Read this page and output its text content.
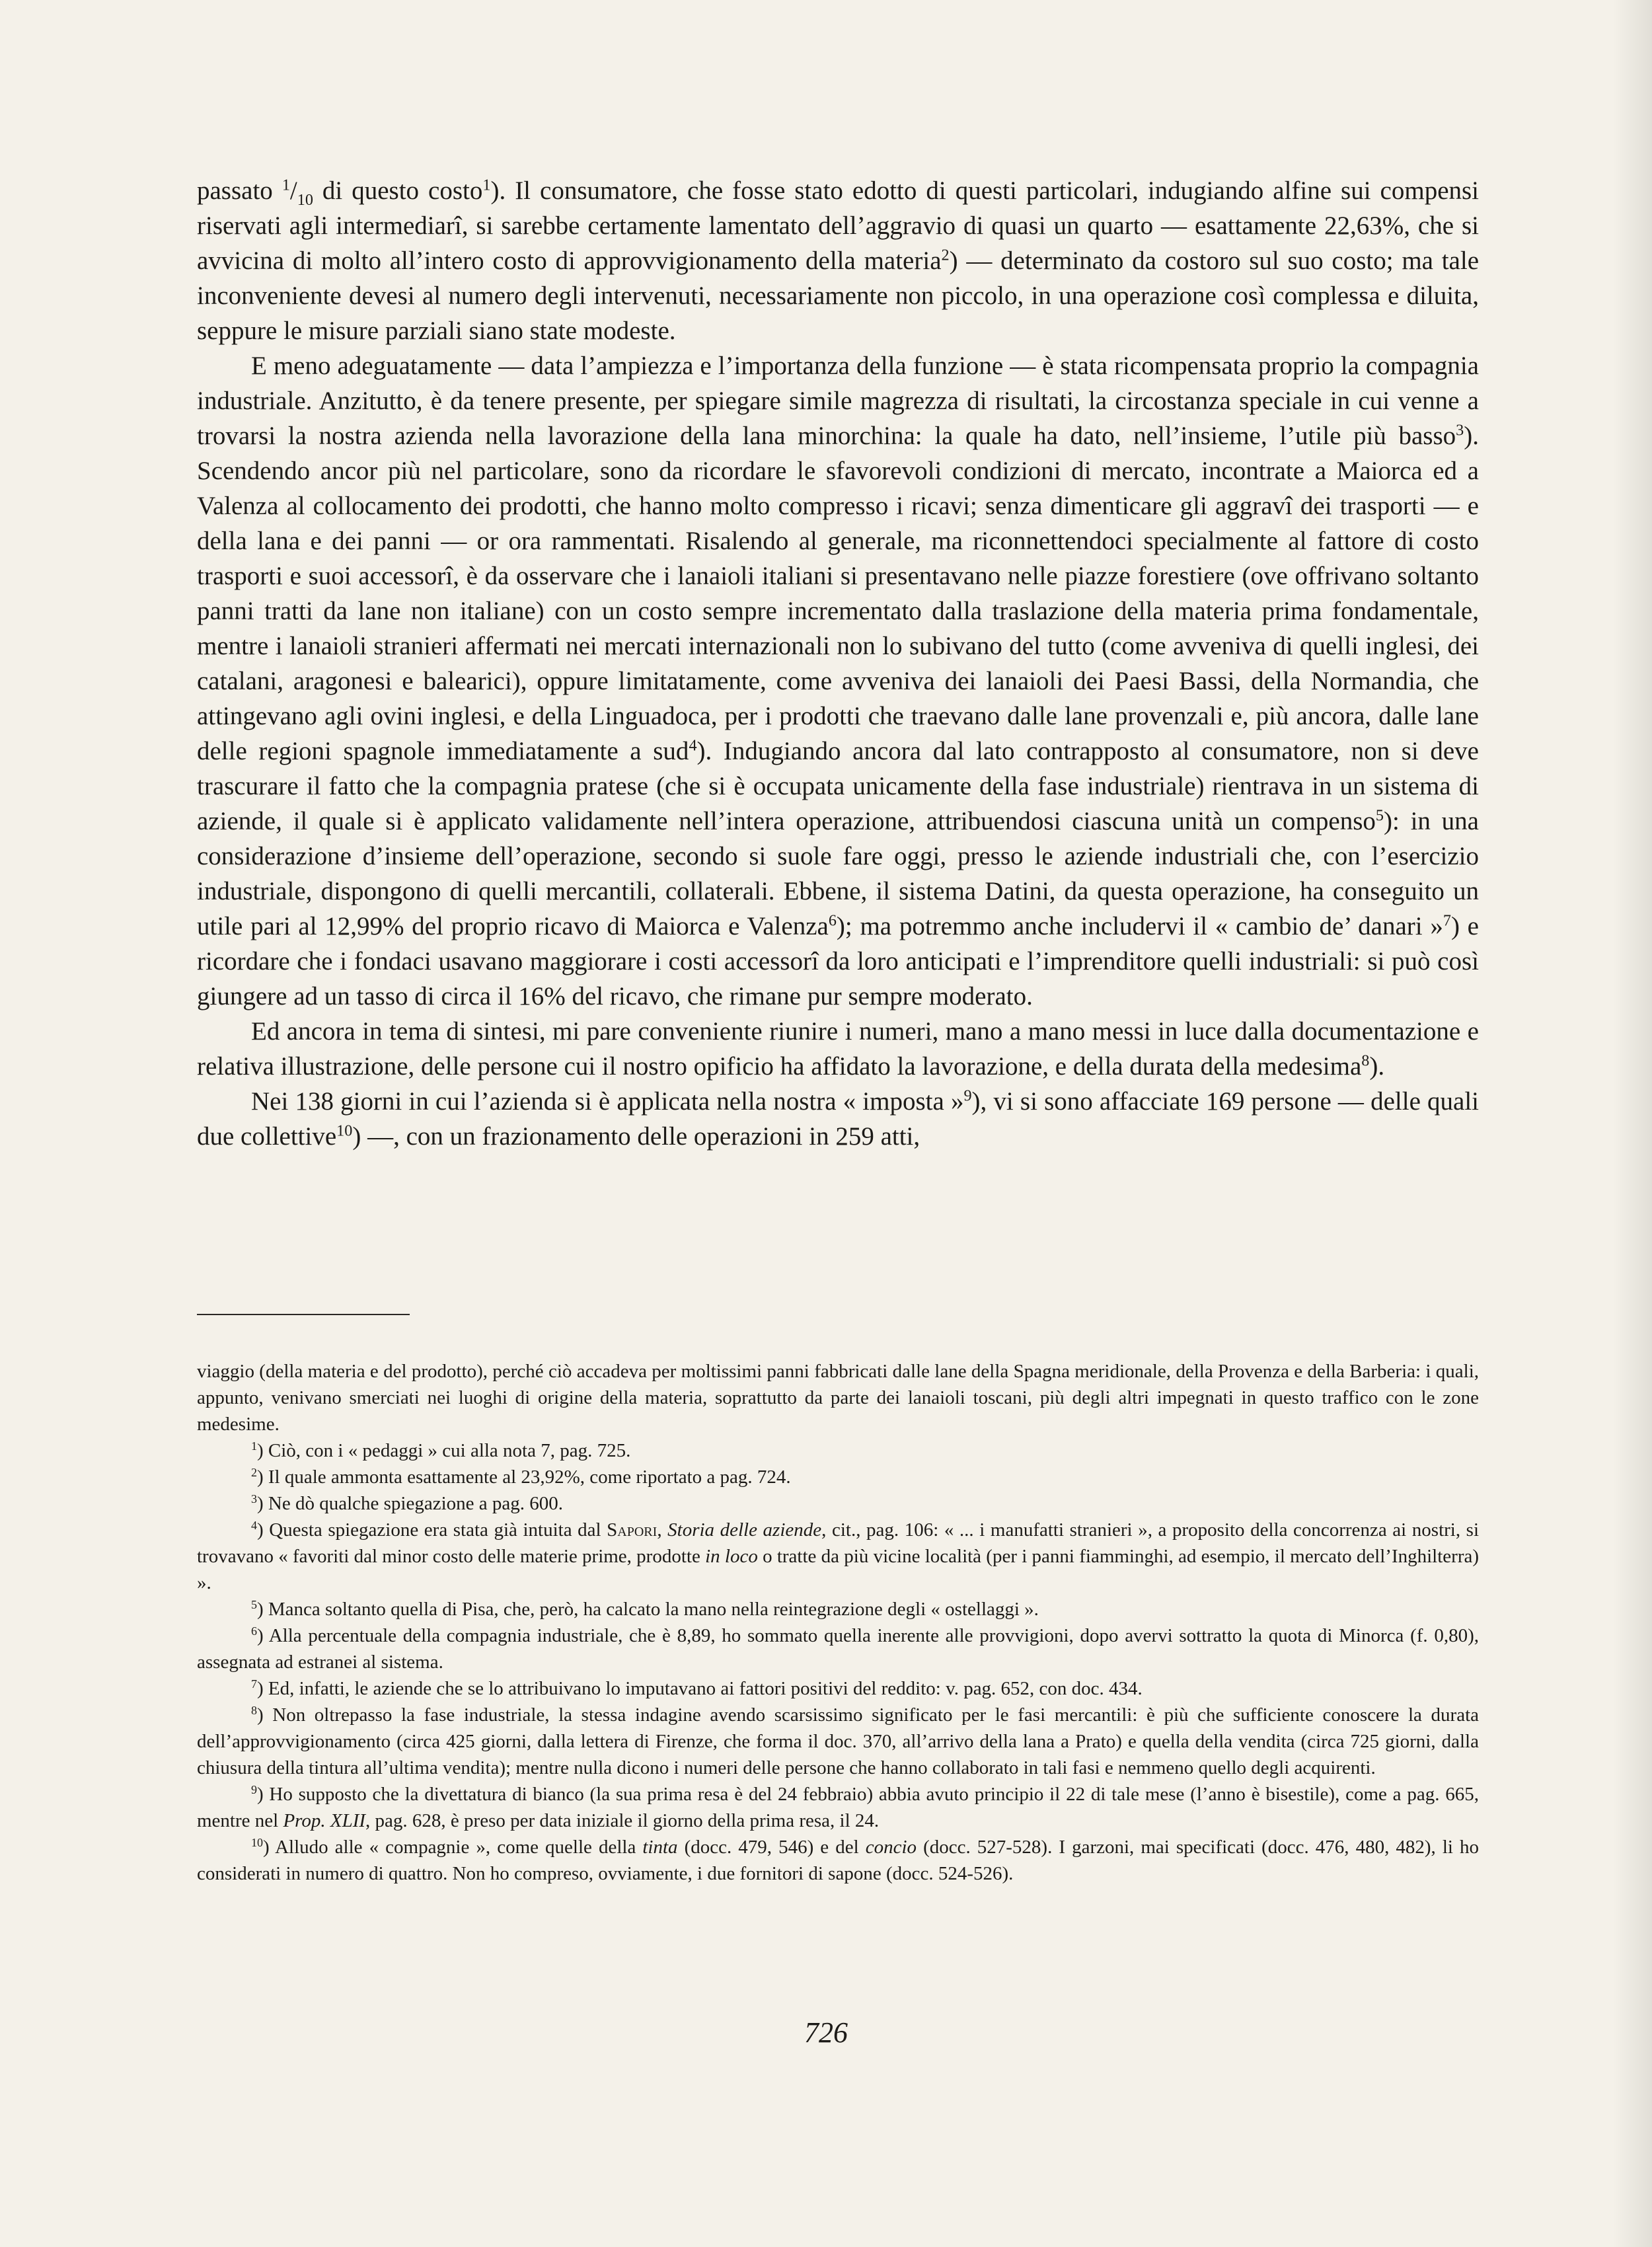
passato $^1/_{10}$ di questo costo$^1$). Il consumatore, che fosse stato edotto di questi particolari, indugiando alfine sui compensi riservati agli intermediarî, si sarebbe certamente lamentato dell’aggravio di quasi un quarto — esattamente 22,63%, che si avvicina di molto all’intero costo di approvvigionamento della materia$^2$) — determinato da costoro sul suo costo; ma tale inconveniente devesi al numero degli intervenuti, necessariamente non piccolo, in una operazione così complessa e diluita, seppure le misure parziali siano state modeste.

E meno adeguatamente — data l’ampiezza e l’importanza della funzione — è stata ricompensata proprio la compagnia industriale. Anzitutto, è da tenere presente, per spiegare simile magrezza di risultati, la circostanza speciale in cui venne a trovarsi la nostra azienda nella lavorazione della lana minorchina: la quale ha dato, nell’insieme, l’utile più basso$^3$). Scendendo ancor più nel particolare, sono da ricordare le sfavorevoli condizioni di mercato, incontrate a Maiorca ed a Valenza al collocamento dei prodotti, che hanno molto compresso i ricavi; senza dimenticare gli aggravî dei trasporti — e della lana e dei panni — or ora rammentati. Risalendo al generale, ma riconnettendoci specialmente al fattore di costo trasporti e suoi accessorî, è da osservare che i lanaioli italiani si presentavano nelle piazze forestiere (ove offrivano soltanto panni tratti da lane non italiane) con un costo sempre incrementato dalla traslazione della materia prima fondamentale, mentre i lanaioli stranieri affermati nei mercati internazionali non lo subivano del tutto (come avveniva di quelli inglesi, dei catalani, aragonesi e balearici), oppure limitatamente, come avveniva dei lanaioli dei Paesi Bassi, della Normandia, che attingevano agli ovini inglesi, e della Linguadoca, per i prodotti che traevano dalle lane provenzali e, più ancora, dalle lane delle regioni spagnole immediatamente a sud$^4$). Indugiando ancora dal lato contrapposto al consumatore, non si deve trascurare il fatto che la compagnia pratese (che si è occupata unicamente della fase industriale) rientrava in un sistema di aziende, il quale si è applicato validamente nell’intera operazione, attribuendosi ciascuna unità un compenso$^5$): in una considerazione d’insieme dell’operazione, secondo si suole fare oggi, presso le aziende industriali che, con l’esercizio industriale, dispongono di quelli mercantili, collaterali. Ebbene, il sistema Datini, da questa operazione, ha conseguito un utile pari al 12,99% del proprio ricavo di Maiorca e Valenza$^6$); ma potremmo anche includervi il « cambio de’ danari »$^7$) e ricordare che i fondaci usavano maggiorare i costi accessorî da loro anticipati e l’imprenditore quelli industriali: si può così giungere ad un tasso di circa il 16% del ricavo, che rimane pur sempre moderato.

Ed ancora in tema di sintesi, mi pare conveniente riunire i numeri, mano a mano messi in luce dalla documentazione e relativa illustrazione, delle persone cui il nostro opificio ha affidato la lavorazione, e della durata della medesima$^8$).

Nei 138 giorni in cui l’azienda si è applicata nella nostra « imposta »$^9$), vi si sono affacciate 169 persone — delle quali due collettive$^{10}$) —, con un frazionamento delle operazioni in 259 atti,

viaggio (della materia e del prodotto), perché ciò accadeva per moltissimi panni fabbricati dalle lane della Spagna meridionale, della Provenza e della Barberia: i quali, appunto, venivano smerciati nei luoghi di origine della materia, soprattutto da parte dei lanaioli toscani, più degli altri impegnati in questo traffico con le zone medesime.

$^1$) Ciò, con i « pedaggi » cui alla nota 7, pag. 725.

$^2$) Il quale ammonta esattamente al 23,92%, come riportato a pag. 724.

$^3$) Ne dò qualche spiegazione a pag. 600.

$^4$) Questa spiegazione era stata già intuita dal Sapori, Storia delle aziende, cit., pag. 106: « ... i manufatti stranieri », a proposito della concorrenza ai nostri, si trovavano « favoriti dal minor costo delle materie prime, prodotte in loco o tratte da più vicine località (per i panni fiamminghi, ad esempio, il mercato dell’Inghilterra) ».

$^5$) Manca soltanto quella di Pisa, che, però, ha calcato la mano nella reintegrazione degli « ostellaggi ».

$^6$) Alla percentuale della compagnia industriale, che è 8,89, ho sommato quella inerente alle provvigioni, dopo avervi sottratto la quota di Minorca (f. 0,80), assegnata ad estranei al sistema.

$^7$) Ed, infatti, le aziende che se lo attribuivano lo imputavano ai fattori positivi del reddito: v. pag. 652, con doc. 434.

$^8$) Non oltrepasso la fase industriale, la stessa indagine avendo scarsissimo significato per le fasi mercantili: è più che sufficiente conoscere la durata dell’approvvigionamento (circa 425 giorni, dalla lettera di Firenze, che forma il doc. 370, all’arrivo della lana a Prato) e quella della vendita (circa 725 giorni, dalla chiusura della tintura all’ultima vendita); mentre nulla dicono i numeri delle persone che hanno collaborato in tali fasi e nemmeno quello degli acquirenti.

$^9$) Ho supposto che la divettatura di bianco (la sua prima resa è del 24 febbraio) abbia avuto principio il 22 di tale mese (l’anno è bisestile), come a pag. 665, mentre nel Prop. XLII, pag. 628, è preso per data iniziale il giorno della prima resa, il 24.

$^{10}$) Alludo alle « compagnie », come quelle della tinta (docc. 479, 546) e del concio (docc. 527-528). I garzoni, mai specificati (docc. 476, 480, 482), li ho considerati in numero di quattro. Non ho compreso, ovviamente, i due fornitori di sapone (docc. 524-526).

726
